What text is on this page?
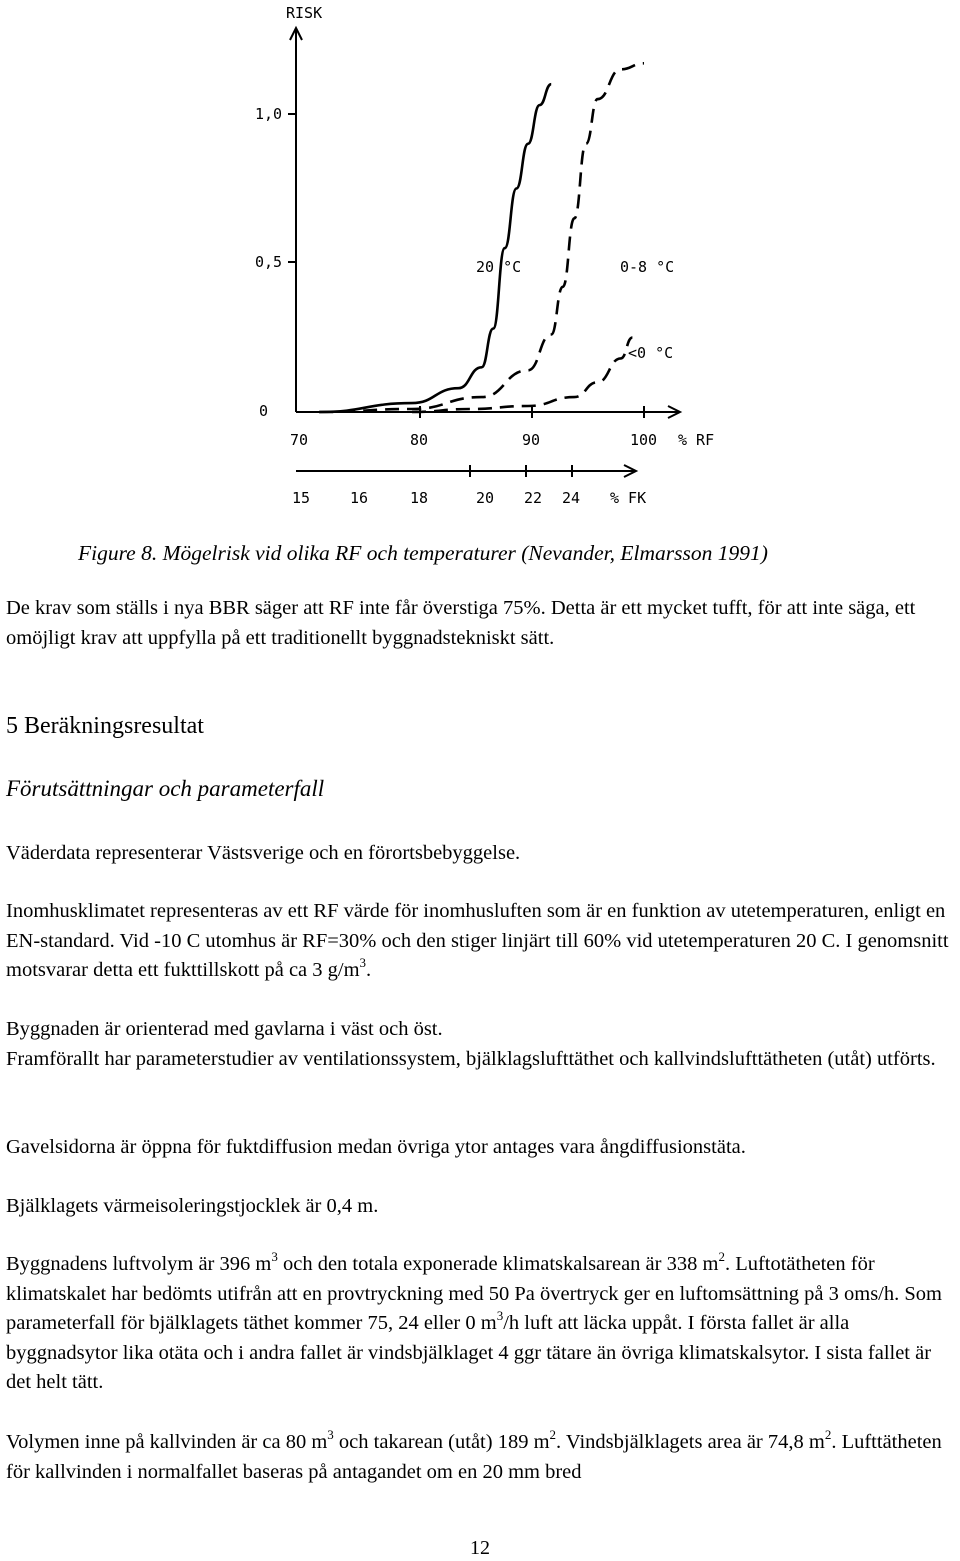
RISK
1,0
0,5
0
70	80	90	100 % RF
15	16	18	20 22 24 % FK
20 °C	0-8 °C
<0 °C
Figure 8. Mögelrisk vid olika RF och temperaturer (Nevander, Elmarsson 1991)

De krav som ställs i nya BBR säger att RF inte får överstiga 75%. Detta är ett mycket tufft, för att inte säga, ett omöjligt krav att uppfylla på ett traditionellt byggnadstekniskt sätt.

5 Beräkningsresultat
Förutsättningar och parameterfall

Väderdata representerar Västsverige och en förortsbebyggelse.

Inomhusklimatet representeras av ett RF värde för inomhusluften som är en funktion av utetemperaturen, enligt en EN-standard. Vid -10 C utomhus är RF=30% och den stiger linjärt till 60% vid utetemperaturen 20 C. I genomsnitt motsvarar detta ett fukttillskott på ca 3 $g/m^3$.

Byggnaden är orienterad med gavlarna i väst och öst.
Framförallt har parameterstudier av ventilationssystem, bjälklagslufttäthet och kallvindslufttätheten (utåt) utförts.

Gavelsidorna är öppna för fuktdiffusion medan övriga ytor antages vara ångdiffusionstäta.

Bjälklagets värmeisoleringstjocklek är 0,4 m.

Byggnadens luftvolym är 396 $m^3$ och den totala exponerade klimatskalsarean är 338 $m^2$. Luftotätheten för klimatskalet har bedömts utifrån att en provtryckning med 50 Pa övertryck ger en luftomsättning på 3 oms/h. Som parameterfall för bjälklagets täthet kommer 75, 24 eller 0 $m^3/h$ luft att läcka uppåt. I första fallet är alla byggnadsytor lika otäta och i andra fallet är vindsbjälklaget 4 ggr tätare än övriga klimatskalsytor. I sista fallet är det helt tätt.

Volymen inne på kallvinden är ca 80 $m^3$ och takarean (utåt) 189 $m^2$. Vindsbjälklagets area är 74,8 $m^2$. Lufttätheten för kallvinden i normalfallet baseras på antagandet om en 20 mm bred

12
